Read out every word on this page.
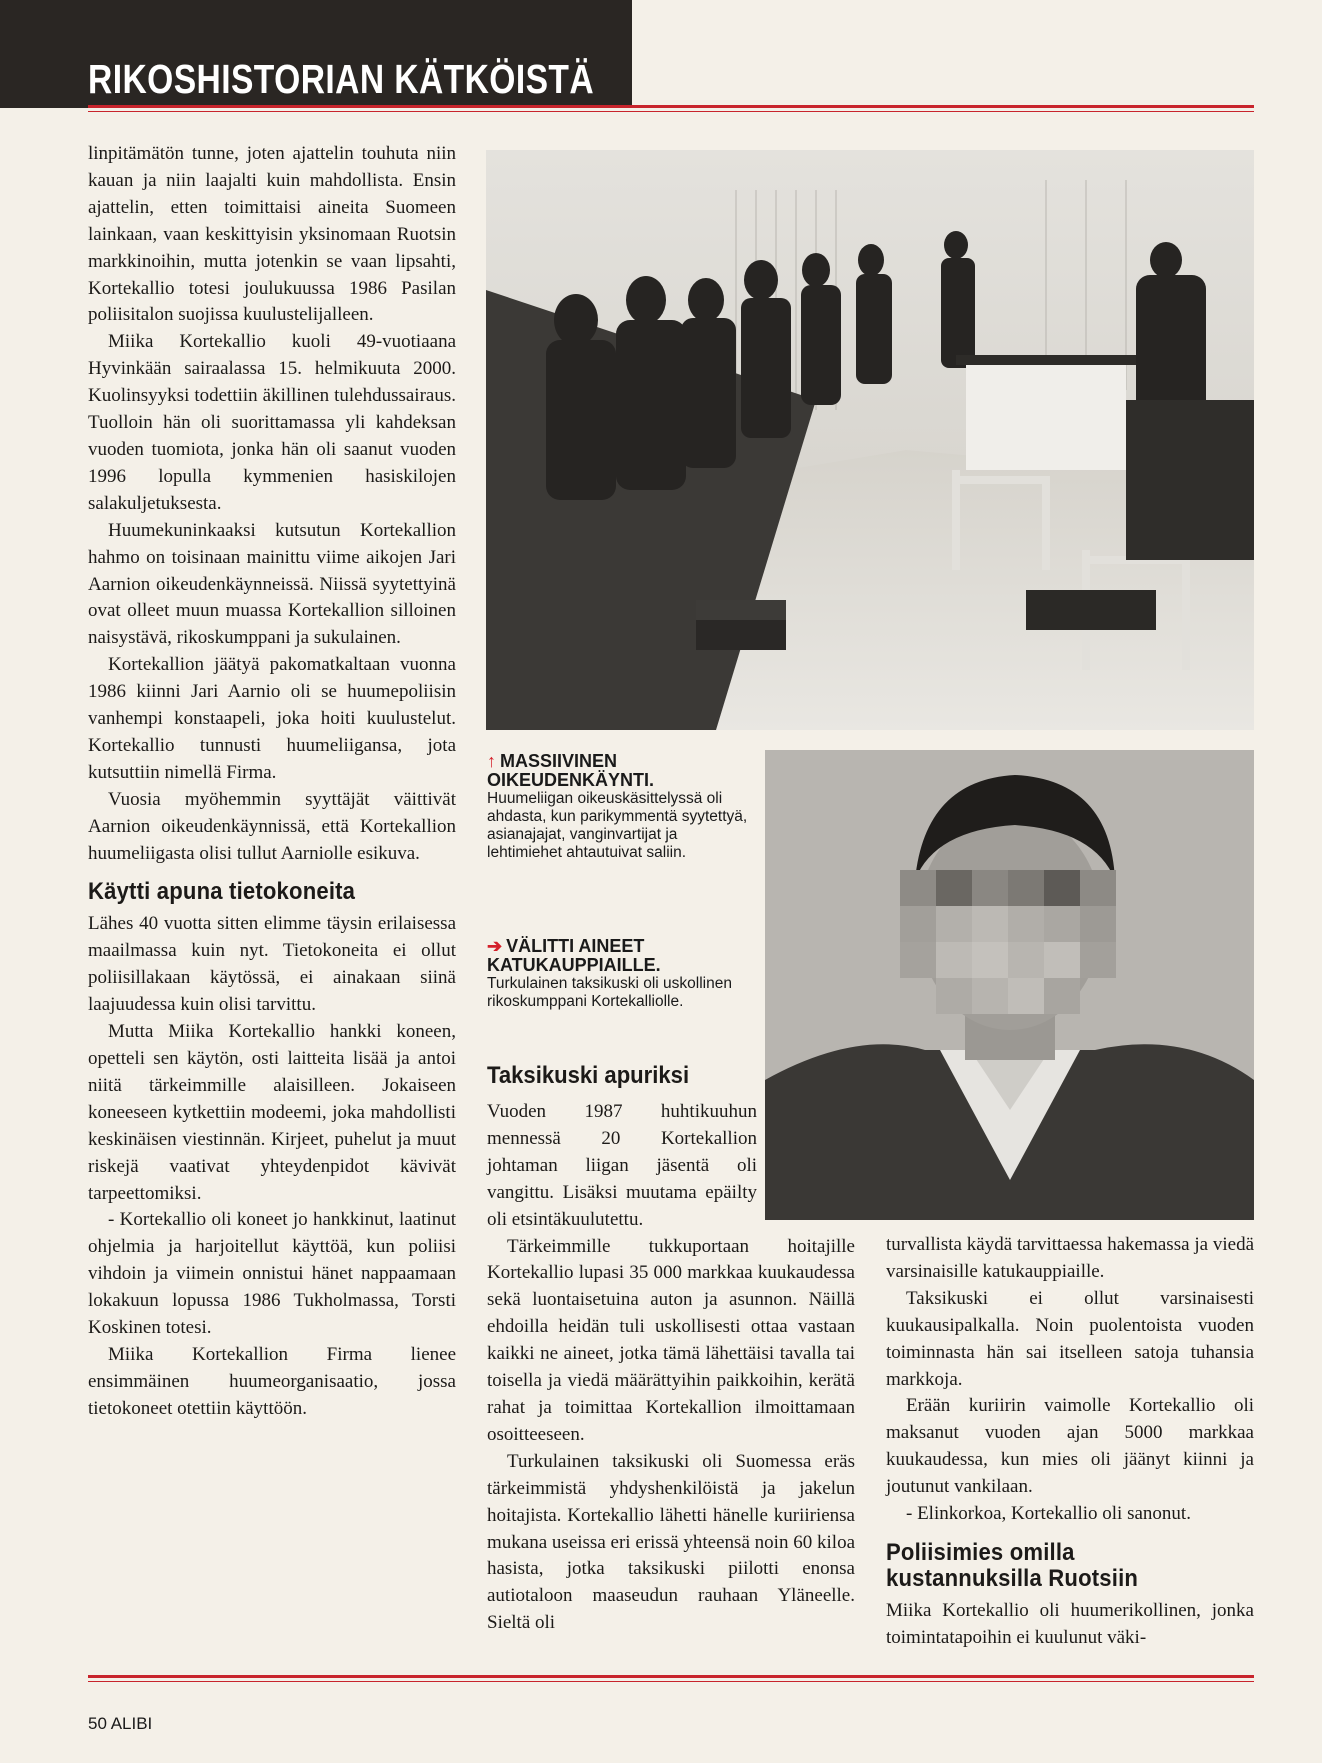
RIKOSHISTORIAN KÄTKÖISTÄ

linpitämätön tunne, joten ajattelin touhuta niin kauan ja niin laajalti kuin mahdollista. Ensin ajattelin, etten toimittaisi aineita Suomeen lainkaan, vaan keskittyisin yksinomaan Ruotsin markkinoihin, mutta jotenkin se vaan lipsahti, Kortekallio totesi joulukuussa 1986 Pasilan poliisitalon suojissa kuulustelijalleen.

Miika Kortekallio kuoli 49-vuotiaana Hyvinkään sairaalassa 15. helmikuuta 2000. Kuolinsyyksi todettiin äkillinen tulehdussairaus. Tuolloin hän oli suorittamassa yli kahdeksan vuoden tuomiota, jonka hän oli saanut vuoden 1996 lopulla kymmenien hasiskilojen salakuljetuksesta.

Huumekuninkaaksi kutsutun Kortekallion hahmo on toisinaan mainittu viime aikojen Jari Aarnion oikeudenkäynneissä. Niissä syytettyinä ovat olleet muun muassa Kortekallion silloinen naisystävä, rikoskumppani ja sukulainen.

Kortekallion jäätyä pakomatkaltaan vuonna 1986 kiinni Jari Aarnio oli se huumepoliisin vanhempi konstaapeli, joka hoiti kuulustelut. Kortekallio tunnusti huumeliigansa, jota kutsuttiin nimellä Firma.

Vuosia myöhemmin syyttäjät väittivät Aarnion oikeudenkäynnissä, että Kortekallion huumeliigasta olisi tullut Aarniolle esikuva.

Käytti apuna tietokoneita

Lähes 40 vuotta sitten elimme täysin erilaisessa maailmassa kuin nyt. Tietokoneita ei ollut poliisillakaan käytössä, ei ainakaan siinä laajuudessa kuin olisi tarvittu.

Mutta Miika Kortekallio hankki koneen, opetteli sen käytön, osti laitteita lisää ja antoi niitä tärkeimmille alaisilleen. Jokaiseen koneeseen kytkettiin modeemi, joka mahdollisti keskinäisen viestinnän. Kirjeet, puhelut ja muut riskejä vaativat yhteydenpidot kävivät tarpeettomiksi.

- Kortekallio oli koneet jo hankkinut, laatinut ohjelmia ja harjoitellut käyttöä, kun poliisi vihdoin ja viimein onnistui hänet nappaamaan lokakuun lopussa 1986 Tukholmassa, Torsti Koskinen totesi.

Miika Kortekallion Firma lienee ensimmäinen huumeorganisaatio, jossa tietokoneet otettiin käyttöön.

↑ MASSIIVINEN
OIKEUDENKÄYNTI.
Huumeliigan oikeuskäsittelyssä oli ahdasta, kun parikymmentä syytettyä, asianajajat, vanginvartijat ja lehtimiehet ahtautuivat saliin.
➔ VÄLITTI AINEET
KATUKAUPPIAILLE.
Turkulainen taksikuski oli uskollinen rikoskumppani Kortekalliolle.
Taksikuski apuriksi

Vuoden 1987 huhtikuuhun mennessä 20 Kortekallion johtaman liigan jäsentä oli vangittu. Lisäksi muutama epäilty oli etsintäkuulutettu.

Tärkeimmille tukkuportaan hoitajille Kortekallio lupasi 35 000 markkaa kuukaudessa sekä luontaisetuina auton ja asunnon. Näillä ehdoilla heidän tuli uskollisesti ottaa vastaan kaikki ne aineet, jotka tämä lähettäisi tavalla tai toisella ja viedä määrättyihin paikkoihin, kerätä rahat ja toimittaa Kortekallion ilmoittamaan osoitteeseen.

Turkulainen taksikuski oli Suomessa eräs tärkeimmistä yhdyshenkilöistä ja jakelun hoitajista. Kortekallio lähetti hänelle kuriiriensa mukana useissa eri erissä yhteensä noin 60 kiloa hasista, jotka taksikuski piilotti enonsa autiotaloon maaseudun rauhaan Yläneelle. Sieltä oli

turvallista käydä tarvittaessa hakemassa ja viedä varsinaisille katukauppiaille.

Taksikuski ei ollut varsinaisesti kuukausipalkalla. Noin puolentoista vuoden toiminnasta hän sai itselleen satoja tuhansia markkoja.

Erään kuriirin vaimolle Kortekallio oli maksanut vuoden ajan 5000 markkaa kuukaudessa, kun mies oli jäänyt kiinni ja joutunut vankilaan.

- Elinkorkoa, Kortekallio oli sanonut.

Poliisimies omilla
kustannuksilla Ruotsiin

Miika Kortekallio oli huumerikollinen, jonka toimintatapoihin ei kuulunut väki-

50 ALIBI
